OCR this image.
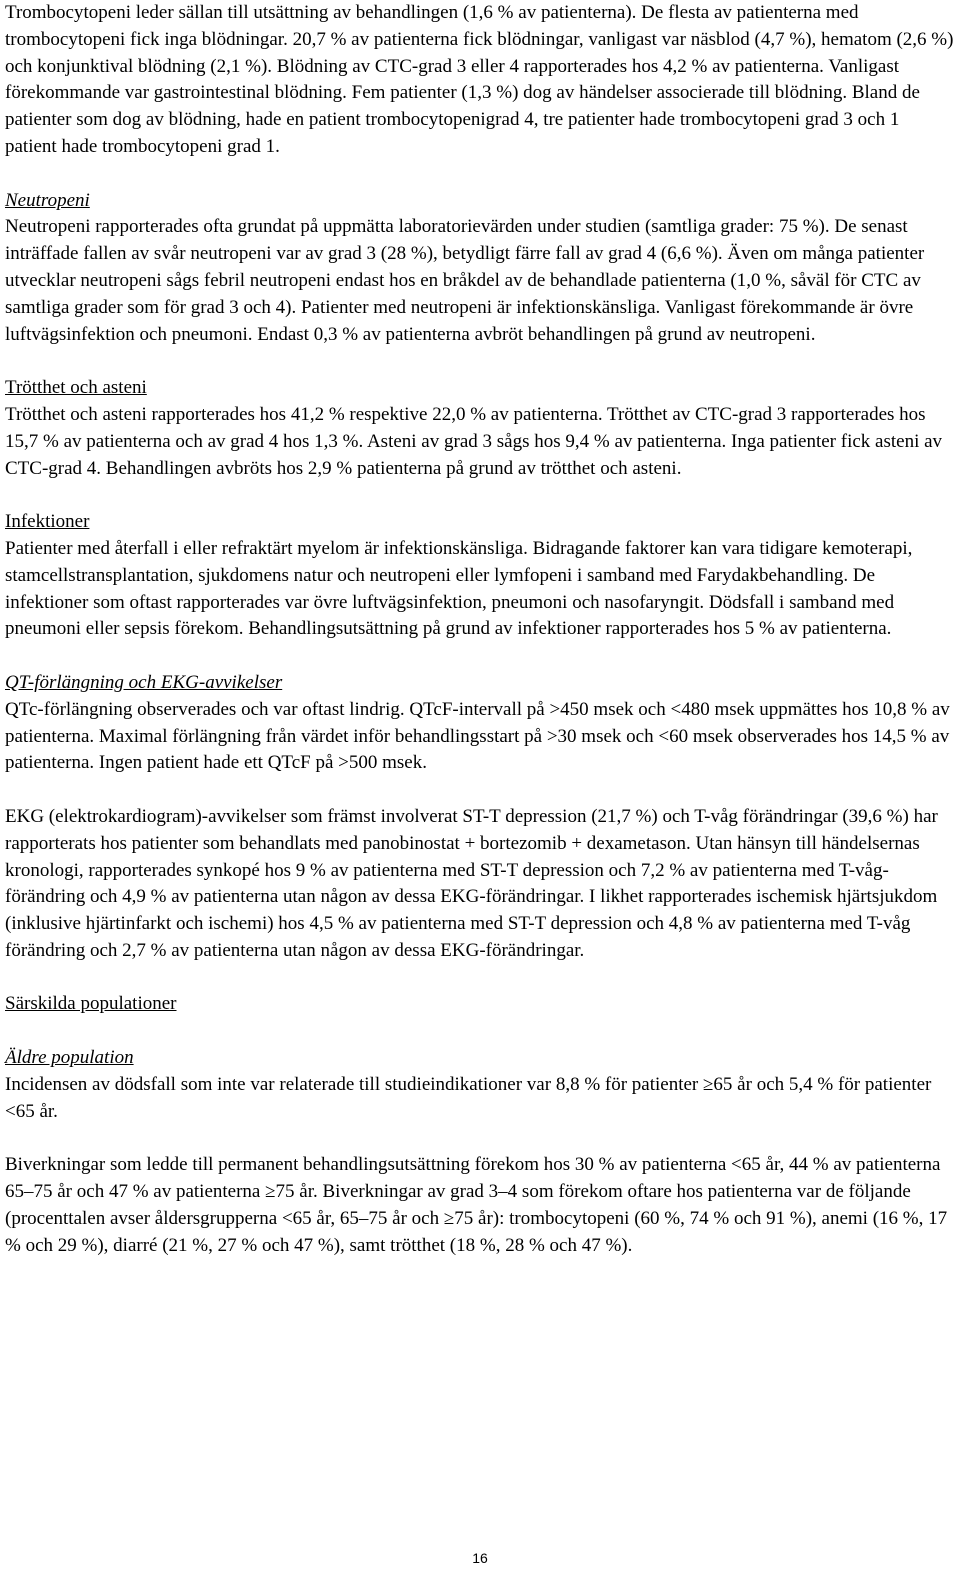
Trombocytopeni leder sällan till utsättning av behandlingen (1,6 % av patienterna). De flesta av patienterna med trombocytopeni fick inga blödningar. 20,7 % av patienterna fick blödningar, vanligast var näsblod (4,7 %), hematom (2,6 %) och konjunktival blödning (2,1 %). Blödning av CTC-grad 3 eller 4 rapporterades hos 4,2 % av patienterna. Vanligast förekommande var gastrointestinal blödning. Fem patienter (1,3 %) dog av händelser associerade till blödning. Bland de patienter som dog av blödning, hade en patient trombocytopenigrad 4, tre patienter hade trombocytopeni grad 3 och 1 patient hade trombocytopeni grad 1.

Neutropeni

Neutropeni rapporterades ofta grundat på uppmätta laboratorievärden under studien (samtliga grader: 75 %). De senast inträffade fallen av svår neutropeni var av grad 3 (28 %), betydligt färre fall av grad 4 (6,6 %). Även om många patienter utvecklar neutropeni sågs febril neutropeni endast hos en bråkdel av de behandlade patienterna (1,0 %, såväl för CTC av samtliga grader som för grad 3 och 4). Patienter med neutropeni är infektionskänsliga. Vanligast förekommande är övre luftvägsinfektion och pneumoni. Endast 0,3 % av patienterna avbröt behandlingen på grund av neutropeni.

Trötthet och asteni

Trötthet och asteni rapporterades hos 41,2 % respektive 22,0 % av patienterna. Trötthet av CTC-grad 3 rapporterades hos 15,7 % av patienterna och av grad 4 hos 1,3 %. Asteni av grad 3 sågs hos 9,4 % av patienterna. Inga patienter fick asteni av CTC-grad 4. Behandlingen avbröts hos 2,9 % patienterna på grund av trötthet och asteni.

Infektioner

Patienter med återfall i eller refraktärt myelom är infektionskänsliga. Bidragande faktorer kan vara tidigare kemoterapi, stamcellstransplantation, sjukdomens natur och neutropeni eller lymfopeni i samband med Farydakbehandling. De infektioner som oftast rapporterades var övre luftvägsinfektion, pneumoni och nasofaryngit. Dödsfall i samband med pneumoni eller sepsis förekom. Behandlingsutsättning på grund av infektioner rapporterades hos 5 % av patienterna.

QT-förlängning och EKG-avvikelser

QTc-förlängning observerades och var oftast lindrig. QTcF-intervall på >450 msek och <480 msek uppmättes hos 10,8 % av patienterna. Maximal förlängning från värdet inför behandlingsstart på >30 msek och <60 msek observerades hos 14,5 % av patienterna. Ingen patient hade ett QTcF på >500 msek.

EKG (elektrokardiogram)-avvikelser som främst involverat ST-T depression (21,7 %) och T-våg förändringar (39,6 %) har rapporterats hos patienter som behandlats med panobinostat + bortezomib + dexametason. Utan hänsyn till händelsernas kronologi, rapporterades synkopé hos 9 % av patienterna med ST-T depression och 7,2 % av patienterna med T-våg-förändring och 4,9 % av patienterna utan någon av dessa EKG-förändringar. I likhet rapporterades ischemisk hjärtsjukdom (inklusive hjärtinfarkt och ischemi) hos 4,5 % av patienterna med ST-T depression och 4,8 % av patienterna med T-våg förändring och 2,7 % av patienterna utan någon av dessa EKG-förändringar.

Särskilda populationer

Äldre population

Incidensen av dödsfall som inte var relaterade till studieindikationer var 8,8 % för patienter ≥65 år och 5,4 % för patienter <65 år.

Biverkningar som ledde till permanent behandlingsutsättning förekom hos 30 % av patienterna <65 år, 44 % av patienterna 65–75 år och 47 % av patienterna ≥75 år. Biverkningar av grad 3–4 som förekom oftare hos patienterna var de följande (procenttalen avser åldersgrupperna <65 år, 65–75 år och ≥75 år): trombocytopeni (60 %, 74 % och 91 %), anemi (16 %, 17 % och 29 %), diarré (21 %, 27 % och 47 %), samt trötthet (18 %, 28 % och 47 %).

16
